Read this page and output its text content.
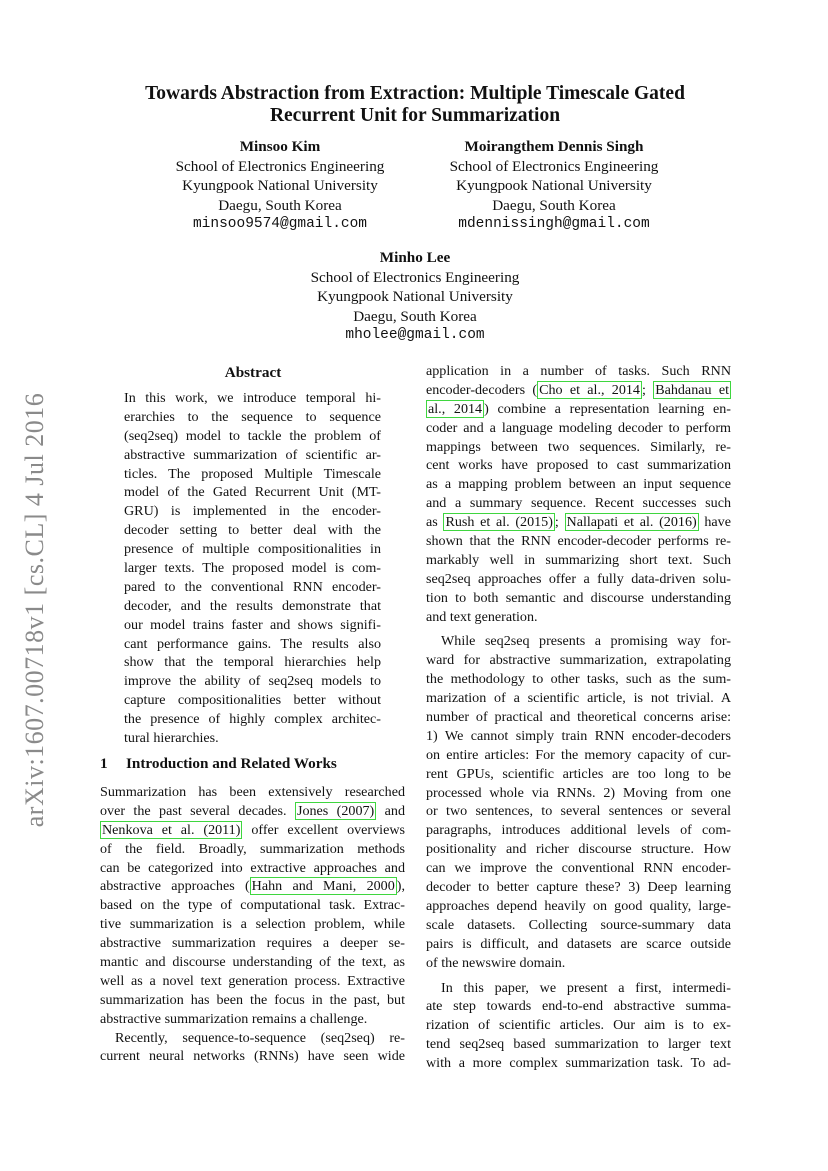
arXiv:1607.00718v1 [cs.CL] 4 Jul 2016
Towards Abstraction from Extraction: Multiple Timescale Gated
Recurrent Unit for Summarization
Minsoo Kim
School of Electronics Engineering
Kyungpook National University
Daegu, South Korea
minsoo9574@gmail.com
Moirangthem Dennis Singh
School of Electronics Engineering
Kyungpook National University
Daegu, South Korea
mdennissingh@gmail.com
Minho Lee
School of Electronics Engineering
Kyungpook National University
Daegu, South Korea
mholee@gmail.com
Abstract
In this work, we introduce temporal hi-
erarchies to the sequence to sequence
(seq2seq) model to tackle the problem of
abstractive summarization of scientific ar-
ticles. The proposed Multiple Timescale
model of the Gated Recurrent Unit (MT-
GRU) is implemented in the encoder-
decoder setting to better deal with the
presence of multiple compositionalities in
larger texts. The proposed model is com-
pared to the conventional RNN encoder-
decoder, and the results demonstrate that
our model trains faster and shows signifi-
cant performance gains. The results also
show that the temporal hierarchies help
improve the ability of seq2seq models to
capture compositionalities better without
the presence of highly complex architec-
tural hierarchies.
1 Introduction and Related Works
Summarization has been extensively researched
over the past several decades. Jones (2007) and
Nenkova et al. (2011) offer excellent overviews
of the field. Broadly, summarization methods
can be categorized into extractive approaches and
abstractive approaches ( Hahn and Mani, 2000 ),
based on the type of computational task. Extrac-
tive summarization is a selection problem, while
abstractive summarization requires a deeper se-
mantic and discourse understanding of the text, as
well as a novel text generation process. Extractive
summarization has been the focus in the past, but
abstractive summarization remains a challenge.
Recently, sequence-to-sequence (seq2seq) re-
current neural networks (RNNs) have seen wide
application in a number of tasks. Such RNN
encoder-decoders ( Cho et al., 2014 ; Bahdanau et
al., 2014 ) combine a representation learning en-
coder and a language modeling decoder to perform
mappings between two sequences. Similarly, re-
cent works have proposed to cast summarization
as a mapping problem between an input sequence
and a summary sequence. Recent successes such
as Rush et al. (2015) ; Nallapati et al. (2016) have
shown that the RNN encoder-decoder performs re-
markably well in summarizing short text. Such
seq2seq approaches offer a fully data-driven solu-
tion to both semantic and discourse understanding
and text generation.
While seq2seq presents a promising way for-
ward for abstractive summarization, extrapolating
the methodology to other tasks, such as the sum-
marization of a scientific article, is not trivial. A
number of practical and theoretical concerns arise:
1) We cannot simply train RNN encoder-decoders
on entire articles: For the memory capacity of cur-
rent GPUs, scientific articles are too long to be
processed whole via RNNs. 2) Moving from one
or two sentences, to several sentences or several
paragraphs, introduces additional levels of com-
positionality and richer discourse structure. How
can we improve the conventional RNN encoder-
decoder to better capture these? 3) Deep learning
approaches depend heavily on good quality, large-
scale datasets. Collecting source-summary data
pairs is difficult, and datasets are scarce outside
of the newswire domain.
In this paper, we present a first, intermedi-
ate step towards end-to-end abstractive summa-
rization of scientific articles. Our aim is to ex-
tend seq2seq based summarization to larger text
with a more complex summarization task. To ad-
